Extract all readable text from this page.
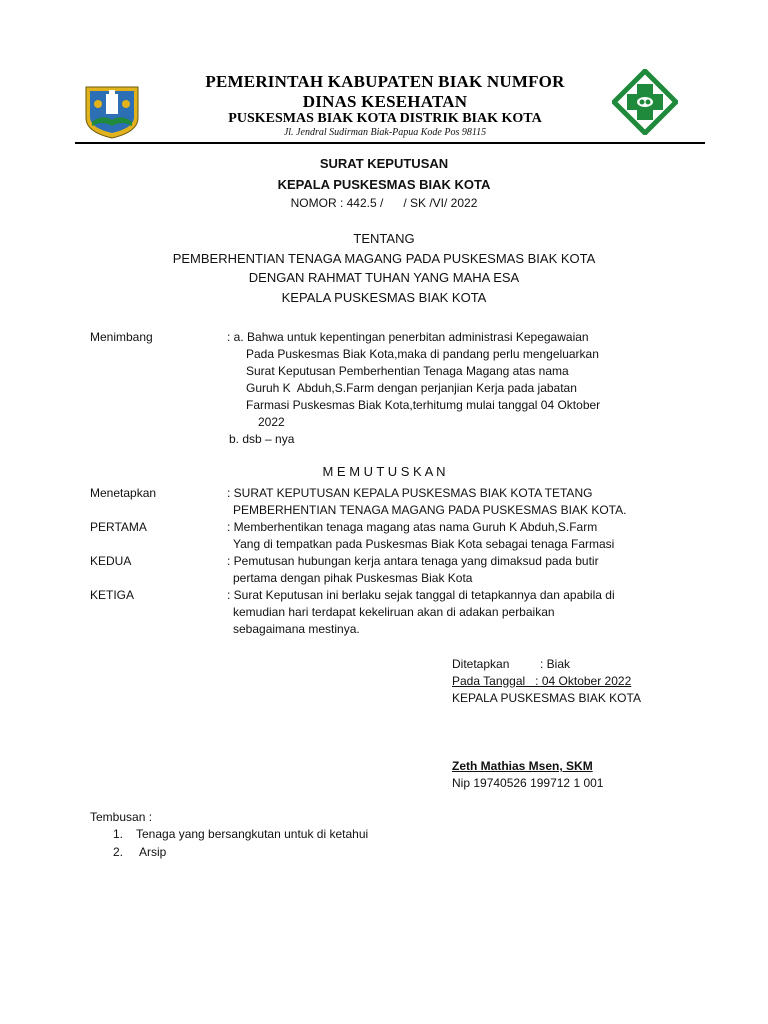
PEMERINTAH KABUPATEN BIAK NUMFOR
DINAS KESEHATAN
PUSKESMAS BIAK KOTA DISTRIK BIAK KOTA
Jl. Jendral Sudirman Biak-Papua Kode Pos 98115
SURAT KEPUTUSAN
KEPALA PUSKESMAS BIAK KOTA
NOMOR : 442.5 /      / SK /VI/ 2022
TENTANG
PEMBERHENTIAN TENAGA MAGANG PADA PUSKESMAS BIAK KOTA
DENGAN RAHMAT TUHAN YANG MAHA ESA
KEPALA PUSKESMAS BIAK KOTA
Menimbang	: a. Bahwa untuk kepentingan penerbitan administrasi Kepegawaian
Pada Puskesmas Biak Kota,maka di pandang perlu mengeluarkan
Surat Keputusan Pemberhentian Tenaga Magang atas nama
Guruh K  Abduh,S.Farm dengan perjanjian Kerja pada jabatan
Farmasi Puskesmas Biak Kota,terhitumg mulai tanggal 04 Oktober
2022
b. dsb – nya
M E M U T U S K A N
Menetapkan	: SURAT KEPUTUSAN KEPALA PUSKESMAS BIAK KOTA TETANG
PEMBERHENTIAN TENAGA MAGANG PADA PUSKESMAS BIAK KOTA.
PERTAMA	: Memberhentikan tenaga magang atas nama Guruh K Abduh,S.Farm
Yang di tempatkan pada Puskesmas Biak Kota sebagai tenaga Farmasi
KEDUA	: Pemutusan hubungan kerja antara tenaga yang dimaksud pada butir
pertama dengan pihak Puskesmas Biak Kota
KETIGA	: Surat Keputusan ini berlaku sejak tanggal di tetapkannya dan apabila di
kemudian hari terdapat kekeliruan akan di adakan perbaikan
sebagaimana mestinya.
Ditetapkan	: Biak
Pada Tanggal   : 04 Oktober 2022
KEPALA PUSKESMAS BIAK KOTA
Zeth Mathias Msen, SKM
Nip 19740526 199712 1 001
Tembusan :
1. Tenaga yang bersangkutan untuk di ketahui
2. Arsip
